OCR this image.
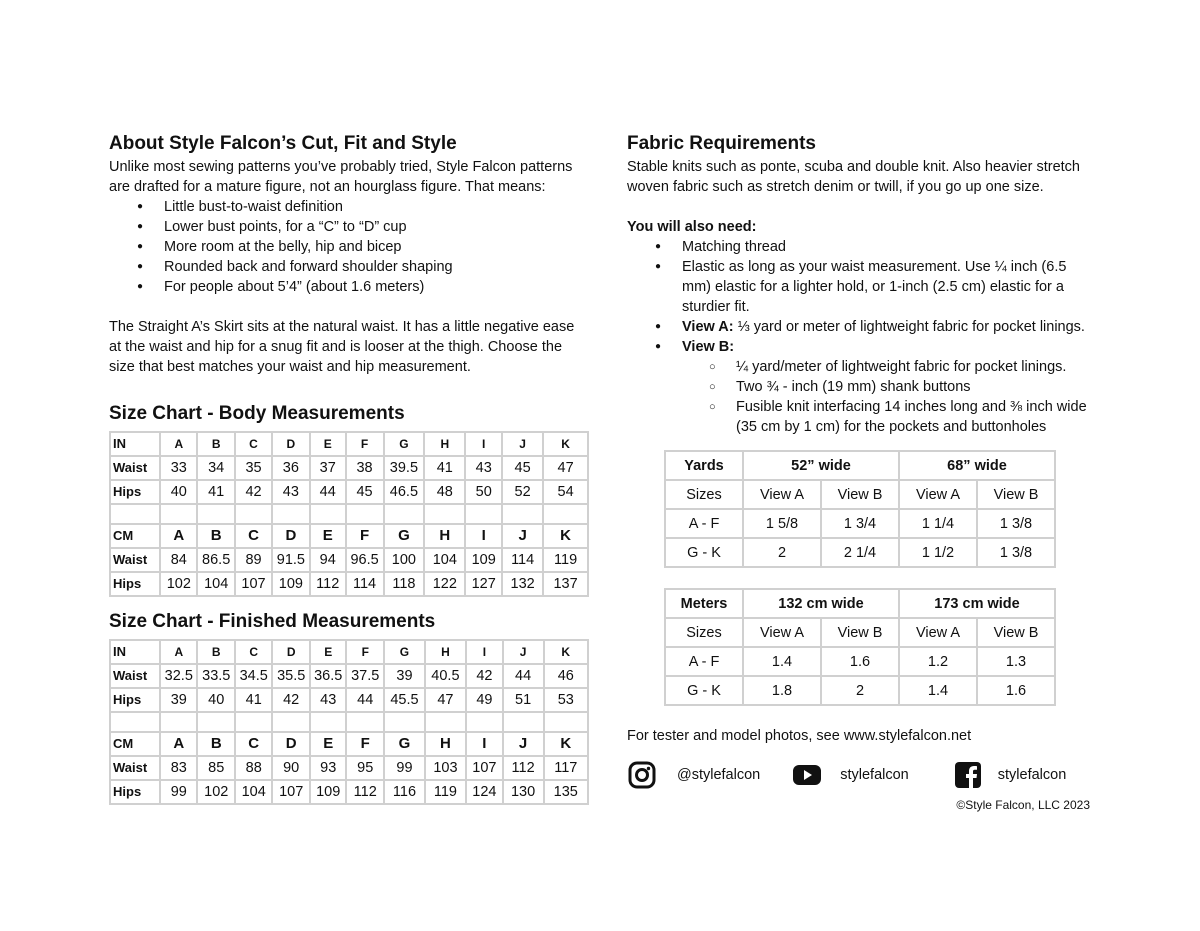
About Style Falcon’s Cut, Fit and Style

Unlike most sewing patterns you’ve probably tried, Style Falcon patterns are drafted for a mature figure, not an hourglass figure. That means:

● Little bust-to-waist definition
● Lower bust points, for a “C” to “D” cup
● More room at the belly, hip and bicep
● Rounded back and forward shoulder shaping
● For people about 5’4” (about 1.6 meters)

The Straight A’s Skirt sits at the natural waist. It has a little negative ease at the waist and hip for a snug fit and is looser at the thigh. Choose the size that best matches your waist and hip measurement.

Size Chart - Body Measurements
IN	A	B	C	D	E	F	G	H	I	J	K
Waist	33	34	35	36	37	38	39.5	41	43	45	47
Hips	40	41	42	43	44	45	46.5	48	50	52	54

CM	A	B	C	D	E	F	G	H	I	J	K
Waist	84	86.5	89	91.5	94	96.5	100	104	109	114	119
Hips	102	104	107	109	112	114	118	122	127	132	137
Size Chart - Finished Measurements
IN	A	B	C	D	E	F	G	H	I	J	K
Waist	32.5	33.5	34.5	35.5	36.5	37.5	39	40.5	42	44	46
Hips	39	40	41	42	43	44	45.5	47	49	51	53

CM	A	B	C	D	E	F	G	H	I	J	K
Waist	83	85	88	90	93	95	99	103	107	112	117
Hips	99	102	104	107	109	112	116	119	124	130	135
Fabric Requirements

Stable knits such as ponte, scuba and double knit. Also heavier stretch woven fabric such as stretch denim or twill, if you go up one size.

You will also need:

● Matching thread
● Elastic as long as your waist measurement. Use ¼ inch (6.5 mm) elastic for a lighter hold, or 1-inch (2.5 cm) elastic for a sturdier fit.
● View A: ⅓ yard or meter of lightweight fabric for pocket linings.
● View B:
○ ¼ yard/meter of lightweight fabric for pocket linings.
○ Two ¾ - inch (19 mm) shank buttons
○ Fusible knit interfacing 14 inches long and ⅜ inch wide (35 cm by 1 cm) for the pockets and buttonholes
Yards	52” wide		68” wide	
Sizes	View A	View B	View A	View B
A - F	1 5/8	1 3/4	1 1/4	1 3/8
G - K	2	2 1/4	1 1/2	1 3/8
Meters	132 cm wide		173 cm wide	
Sizes	View A	View B	View A	View B
A - F	1.4	1.6	1.2	1.3
G - K	1.8	2	1.4	1.6

For tester and model photos, see www.stylefalcon.net

@stylefalcon	stylefalcon	stylefalcon
©Style Falcon, LLC 2023
